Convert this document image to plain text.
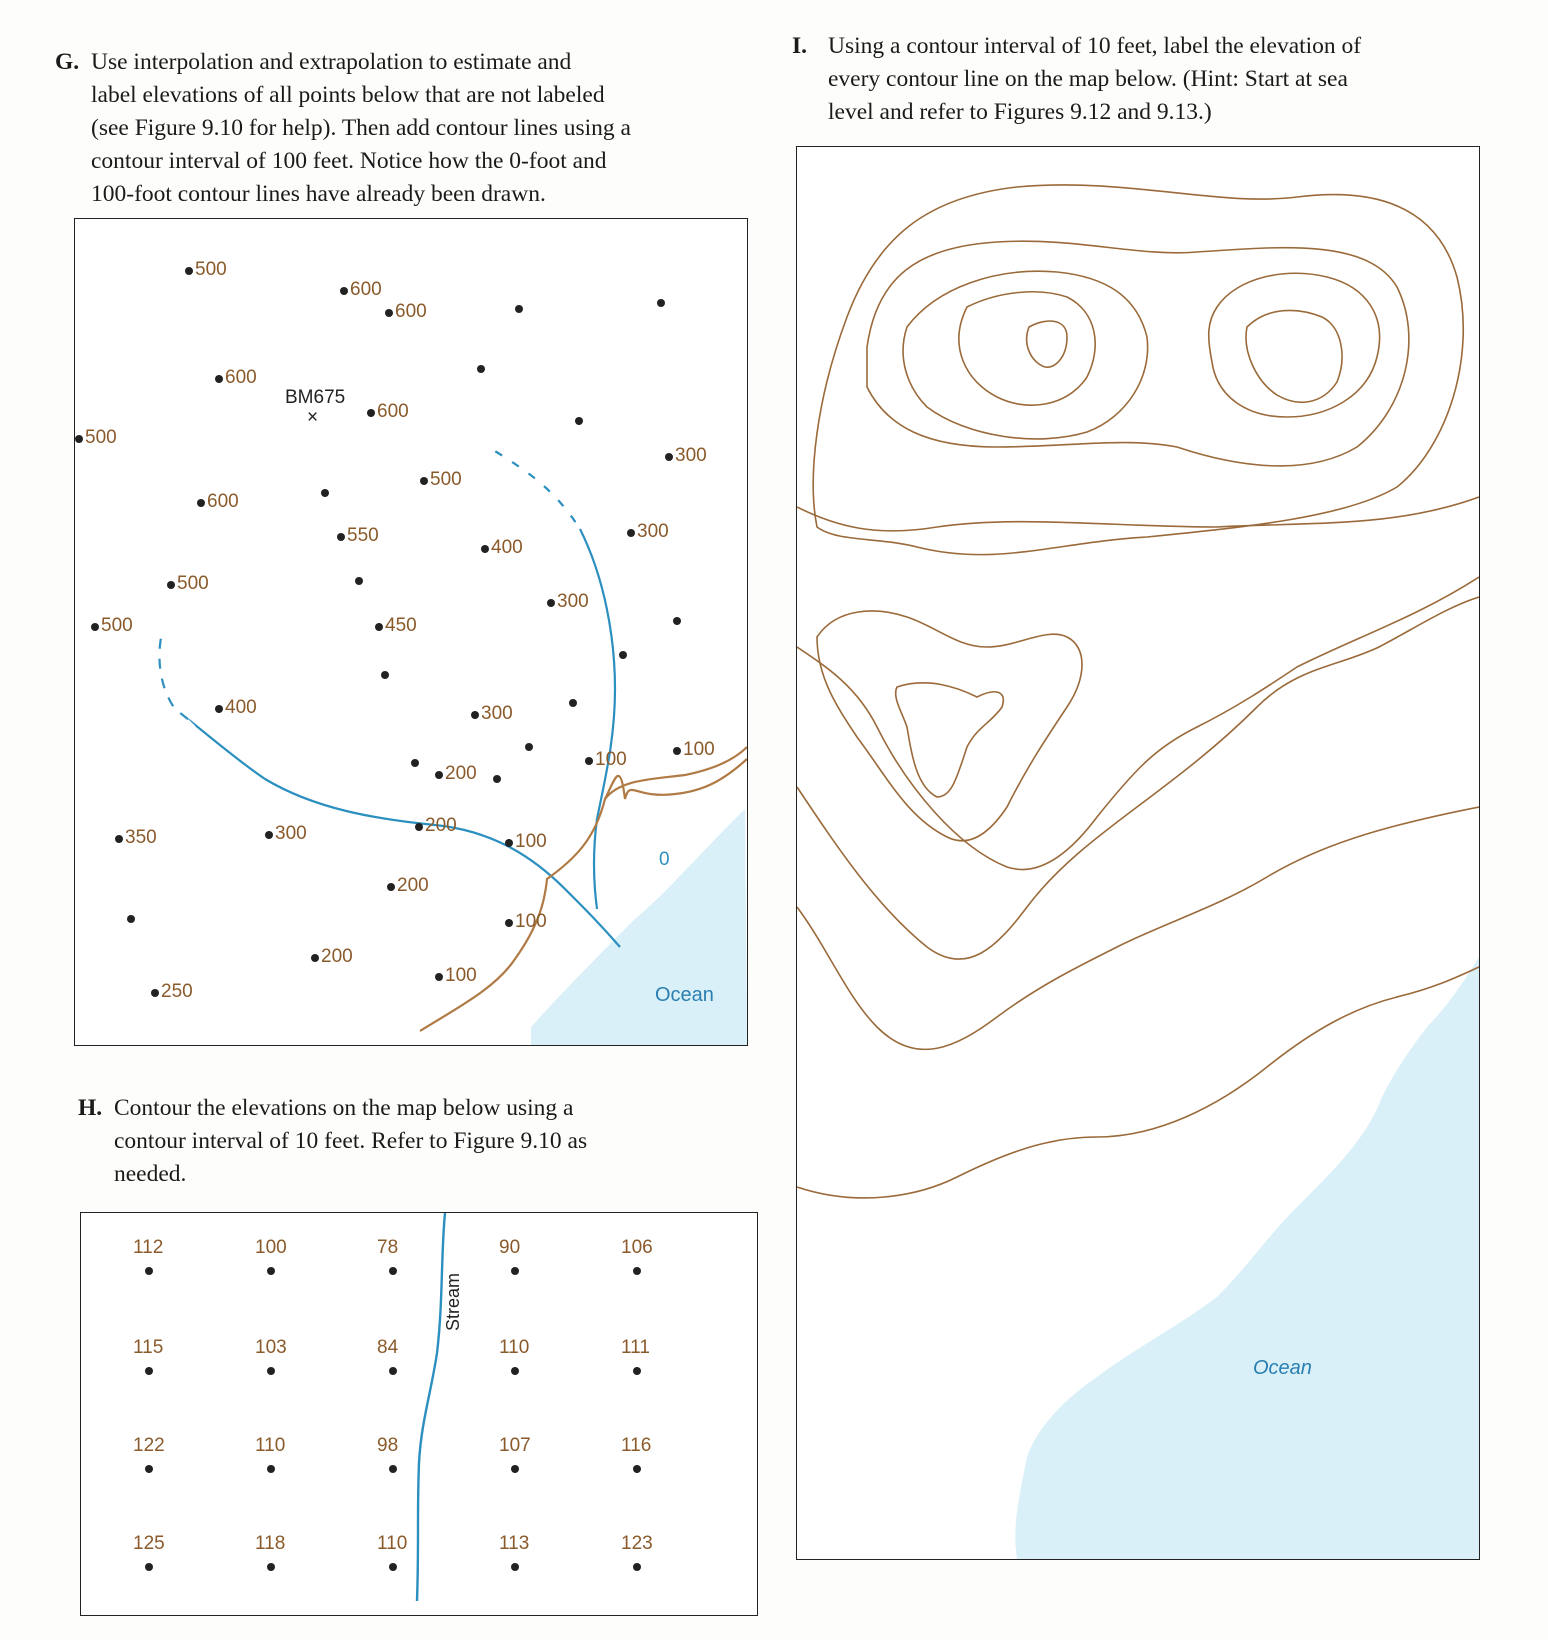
G. Use interpolation and extrapolation to estimate and

label elevations of all points below that are not labeled

(see Figure 9.10 for help). Then add contour lines using a

contour interval of 100 feet. Notice how the 0-foot and

100-foot contour lines have already been drawn.

500
600
600
600
600
500
300
500
600
550
400
300
500
300
500	450
400	300
100	100
200
350	300	200
100
200
100
200
250
100
BM675
×
Ocean
0
H. Contour the elevations on the map below using a

contour interval of 10 feet. Refer to Figure 9.10 as

needed.

112	100	78	90	106
115	103	84	110	111
122	110	98	107	116
125	118	110	113	123
Stream
I. Using a contour interval of 10 feet, label the elevation of

every contour line on the map below. (Hint: Start at sea

level and refer to Figures 9.12 and 9.13.)

Ocean
